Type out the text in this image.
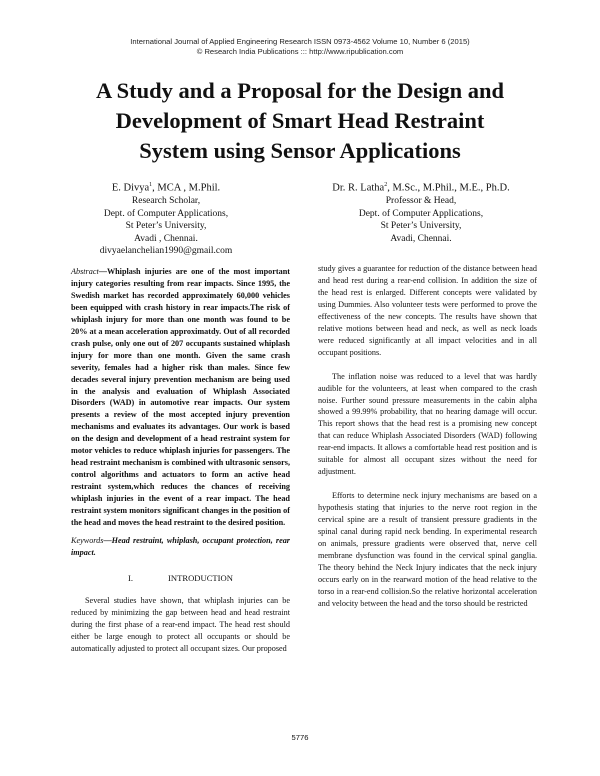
International Journal of Applied Engineering Research ISSN 0973-4562 Volume 10, Number 6 (2015)
© Research India Publications ::: http://www.ripublication.com
A Study and a Proposal for the Design and
Development of Smart Head Restraint
System using Sensor Applications
E. Divya$^1$, MCA , M.Phil.
Research Scholar,
Dept. of Computer Applications,
St Peter’s University,
Avadi , Chennai.
divyaelanchelian1990@gmail.com
Dr. R. Latha$^2$, M.Sc., M.Phil., M.E., Ph.D.
Professor & Head,
Dept. of Computer Applications,
St Peter’s University,
Avadi, Chennai.

Abstract—Whiplash injuries are one of the most important injury categories resulting from rear impacts. Since 1995, the Swedish market has recorded approximately 60,000 vehicles been equipped with crash history in rear impacts.The risk of whiplash injury for more than one month was found to be 20% at a mean acceleration approximatdy. Out of all recorded crash pulse, only one out of 207 occupants sustained whiplash injury for more than one month. Given the same crash severity, females had a higher risk than males. Since few decades several injury prevention mechanism are being used in the analysis and evaluation of Whiplash Associated Disorders (WAD) in automotive rear impacts. Our system presents a review of the most accepted injury prevention mechanisms and evaluates its advantages. Our work is based on the design and development of a head restraint system for motor vehicles to reduce whiplash injuries for passengers. The head restraint mechanism is combined with ultrasonic sensors, control algorithms and actuators to form an active head restraint system,which reduces the chances of receiving whiplash injuries in the event of a rear impact. The head restraint system monitors significant changes in the position of the head and moves the head restraint to the desired position.

Keywords—Head restraint, whiplash, occupant protection, rear impact.

I.	INTRODUCTION

Several studies have shown, that whiplash injuries can be reduced by minimizing the gap between head and head restraint during the first phase of a rear-end impact. The head rest should either be large enough to protect all occupants or should be automatically adjusted to protect all occupant sizes. Our proposed

study gives a guarantee for reduction of the distance between head and head rest during a rear-end collision. In addition the size of the head rest is enlarged. Different concepts were validated by using Dummies. Also volunteer tests were performed to prove the effectiveness of the new concepts. The results have shown that relative motions between head and neck, as well as neck loads were reduced significantly at all impact velocities and in all occupant positions.

The inflation noise was reduced to a level that was hardly audible for the volunteers, at least when compared to the crash noise. Further sound pressure measurements in the cabin alpha showed a 99.99% probability, that no hearing damage will occur. This report shows that the head rest is a promising new concept that can reduce Whiplash Associated Disorders (WAD) following rear-end impacts. It allows a comfortable head rest position and is suitable for almost all occupant sizes without the need for adjustment.

Efforts to determine neck injury mechanisms are based on a hypothesis stating that injuries to the nerve root region in the cervical spine are a result of transient pressure gradients in the spinal canal during rapid neck bending. In experimental research on animals, pressure gradients were observed that, nerve cell membrane dysfunction was found in the cervical spinal ganglia. The theory behind the Neck Injury indicates that the neck injury occurs early on in the rearward motion of the head relative to the torso in a rear-end collision.So the relative horizontal acceleration and velocity between the head and the torso should be restricted

5776
